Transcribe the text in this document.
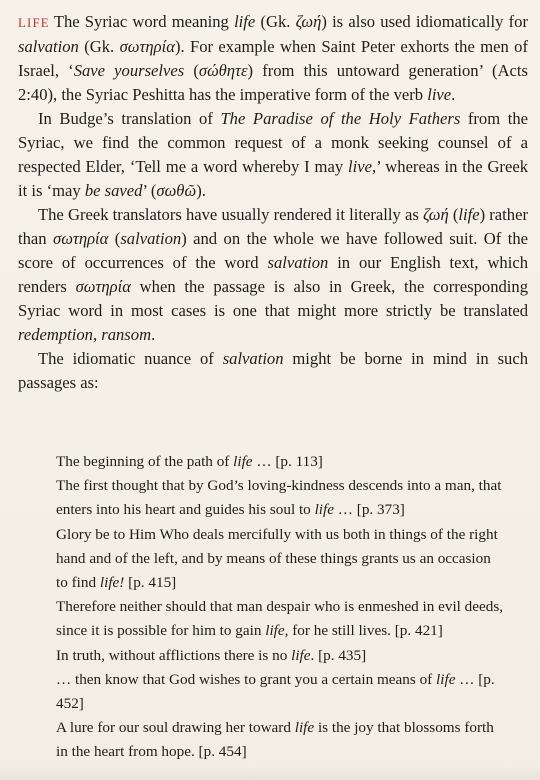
LIFE The Syriac word meaning life (Gk. ζωή) is also used idiomatically for salvation (Gk. σωτηρία). For example when Saint Peter exhorts the men of Israel, ‘Save yourselves (σώθητε) from this untoward generation’ (Acts 2:40), the Syriac Peshitta has the imperative form of the verb live.

In Budge’s translation of The Paradise of the Holy Fathers from the Syriac, we find the common request of a monk seeking counsel of a respected Elder, ‘Tell me a word whereby I may live,’ whereas in the Greek it is ‘may be saved’ (σωθῶ).

The Greek translators have usually rendered it literally as ζωή (life) rather than σωτηρία (salvation) and on the whole we have followed suit. Of the score of occurrences of the word salvation in our English text, which renders σωτηρία when the passage is also in Greek, the corresponding Syriac word in most cases is one that might more strictly be translated redemption, ransom.

The idiomatic nuance of salvation might be borne in mind in such passages as:

The beginning of the path of life … [p. 113]

The first thought that by God’s loving-kindness descends into a man, that enters into his heart and guides his soul to life … [p. 373]

Glory be to Him Who deals mercifully with us both in things of the right hand and of the left, and by means of these things grants us an occasion to find life! [p. 415]

Therefore neither should that man despair who is enmeshed in evil deeds, since it is possible for him to gain life, for he still lives. [p. 421]

In truth, without afflictions there is no life. [p. 435]

… then know that God wishes to grant you a certain means of life … [p. 452]

A lure for our soul drawing her toward life is the joy that blossoms forth in the heart from hope. [p. 454]
